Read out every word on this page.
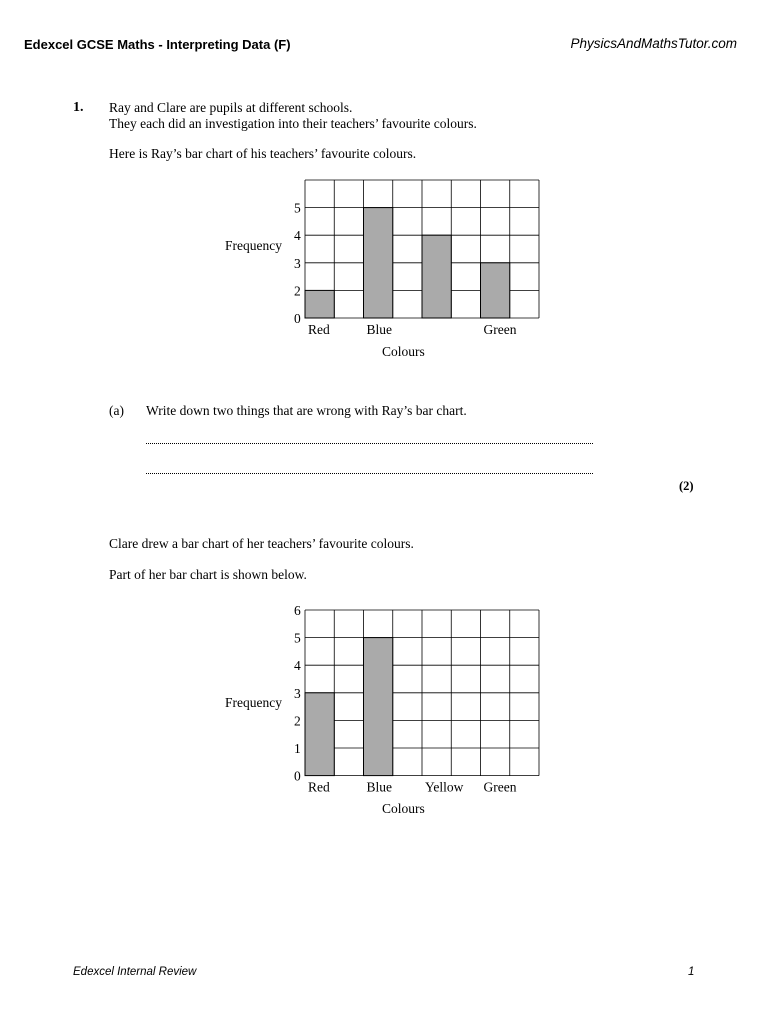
Edexcel GCSE Maths - Interpreting Data (F)	PhysicsAndMathsTutor.com
1. Ray and Clare are pupils at different schools.
They each did an investigation into their teachers’ favourite colours.
Here is Ray’s bar chart of his teachers’ favourite colours.
Frequency
Colours
0
2
3
4
5
Red	Blue	Green
(a) Write down two things that are wrong with Ray’s bar chart.
(2)
Clare drew a bar chart of her teachers’ favourite colours.
Part of her bar chart is shown below.
Frequency
Colours
0
1
2
3
4
5
6
Red	Blue Yellow Green
Edexcel Internal Review	1
